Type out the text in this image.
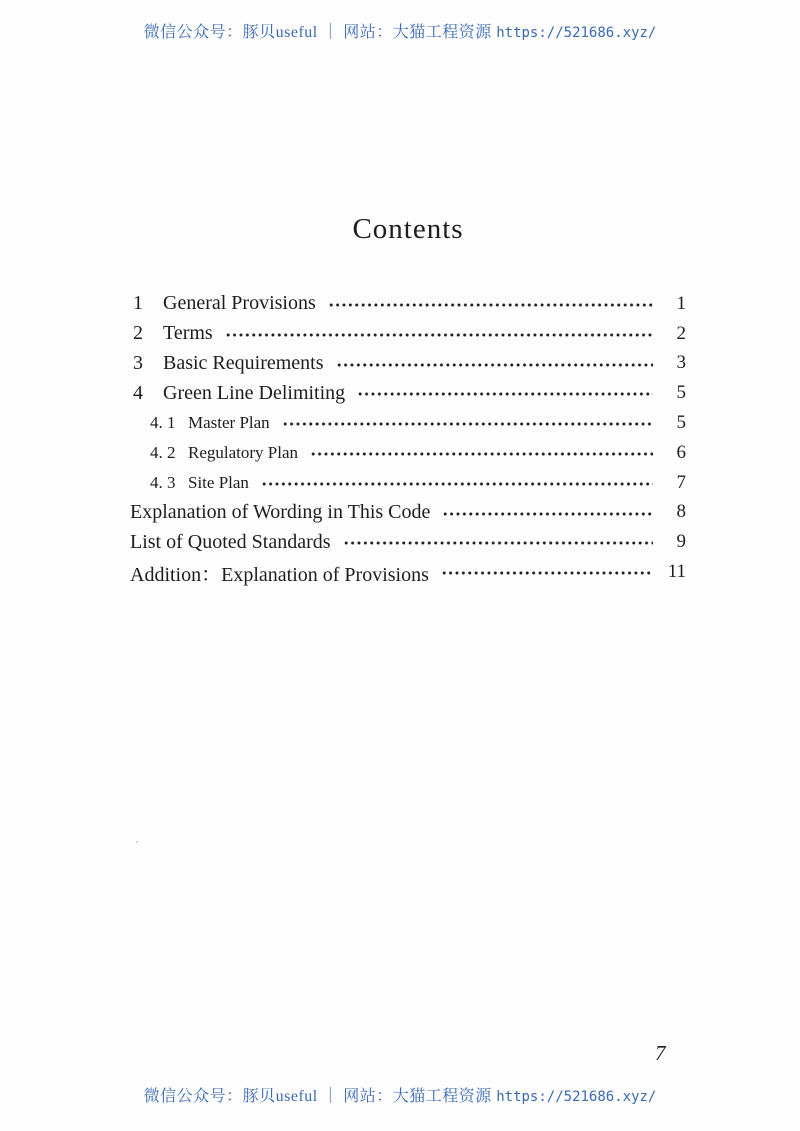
微信公众号：豚贝useful ｜ 网站：大猫工程资源 https://521686.xyz/
Contents
1	General Provisions	1
2	Terms	2
3	Basic Requirements	3
4	Green Line Delimiting	5
4. 1 Master Plan	5
4. 2 Regulatory Plan	6
4. 3 Site Plan	7
Explanation of Wording in This Code	8
List of Quoted Standards	9
Addition：Explanation of Provisions	11
7
微信公众号：豚贝useful ｜ 网站：大猫工程资源 https://521686.xyz/
